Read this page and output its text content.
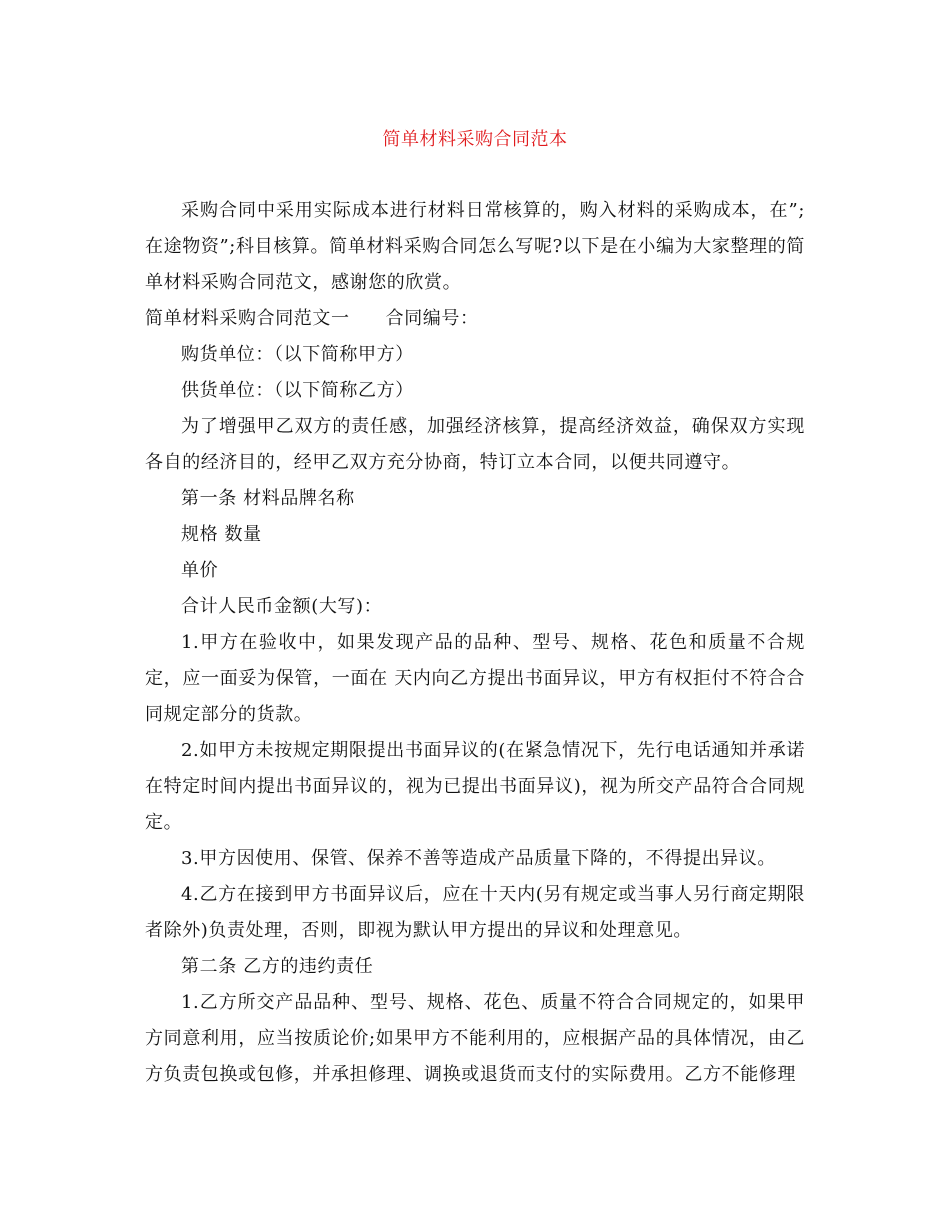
简单材料采购合同范本

采购合同中采用实际成本进行材料日常核算的，购入材料的采购成本，在”;在途物资”;科目核算。简单材料采购合同怎么写呢?以下是在小编为大家整理的简单材料采购合同范文，感谢您的欣赏。

简单材料采购合同范文一 合同编号：

购货单位：（以下简称甲方）

供货单位：（以下简称乙方）

为了增强甲乙双方的责任感，加强经济核算，提高经济效益，确保双方实现各自的经济目的，经甲乙双方充分协商，特订立本合同，以便共同遵守。

第一条 材料品牌名称

规格 数量

单价

合计人民币金额(大写)：

1.甲方在验收中，如果发现产品的品种、型号、规格、花色和质量不合规定，应一面妥为保管，一面在 天内向乙方提出书面异议，甲方有权拒付不符合合同规定部分的货款。

2.如甲方未按规定期限提出书面异议的(在紧急情况下，先行电话通知并承诺在特定时间内提出书面异议的，视为已提出书面异议)，视为所交产品符合合同规定。

3.甲方因使用、保管、保养不善等造成产品质量下降的，不得提出异议。

4.乙方在接到甲方书面异议后，应在十天内(另有规定或当事人另行商定期限者除外)负责处理，否则，即视为默认甲方提出的异议和处理意见。

第二条 乙方的违约责任

1.乙方所交产品品种、型号、规格、花色、质量不符合合同规定的，如果甲方同意利用，应当按质论价;如果甲方不能利用的，应根据产品的具体情况，由乙方负责包换或包修，并承担修理、调换或退货而支付的实际费用。乙方不能修理
